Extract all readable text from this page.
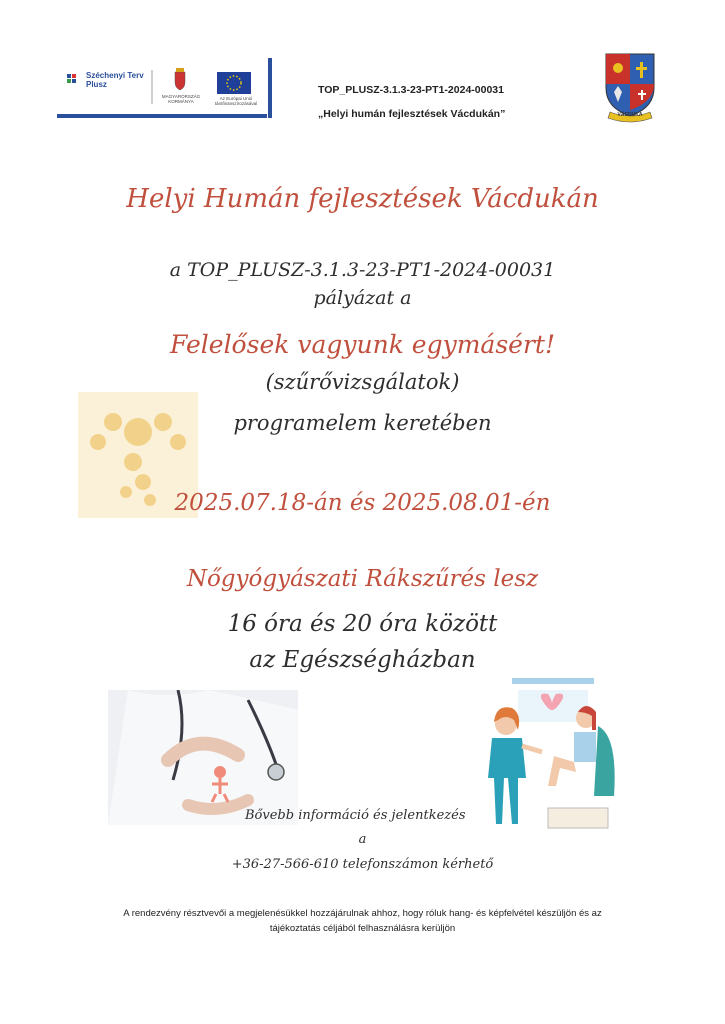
Széchenyi Terv
Plusz
MAGYARORSZÁG KORMÁNYA
Az Európai Unió társfinanszírozásával
TOP_PLUSZ-3.1.3-23-PT1-2024-00031
„Helyi humán fejlesztések Vácdukán”	VÁCDUKA
Helyi Humán fejlesztések Vácdukán
a TOP_PLUSZ-3.1.3-23-PT1-2024-00031
pályázat a
Felelősek vagyunk egymásért!
(szűrővizsgálatok)
programelem keretében
2025.07.18-án és 2025.08.01-én
Nőgyógyászati Rákszűrés lesz
16 óra és 20 óra között
az Egészségházban
Bővebb információ és jelentkezés
a
+36-27-566-610 telefonszámon kérhető
A rendezvény résztvevői a megjelenésükkel hozzájárulnak ahhoz, hogy róluk hang- és képfelvétel készüljön és az tájékoztatás céljából felhasználásra kerüljön
